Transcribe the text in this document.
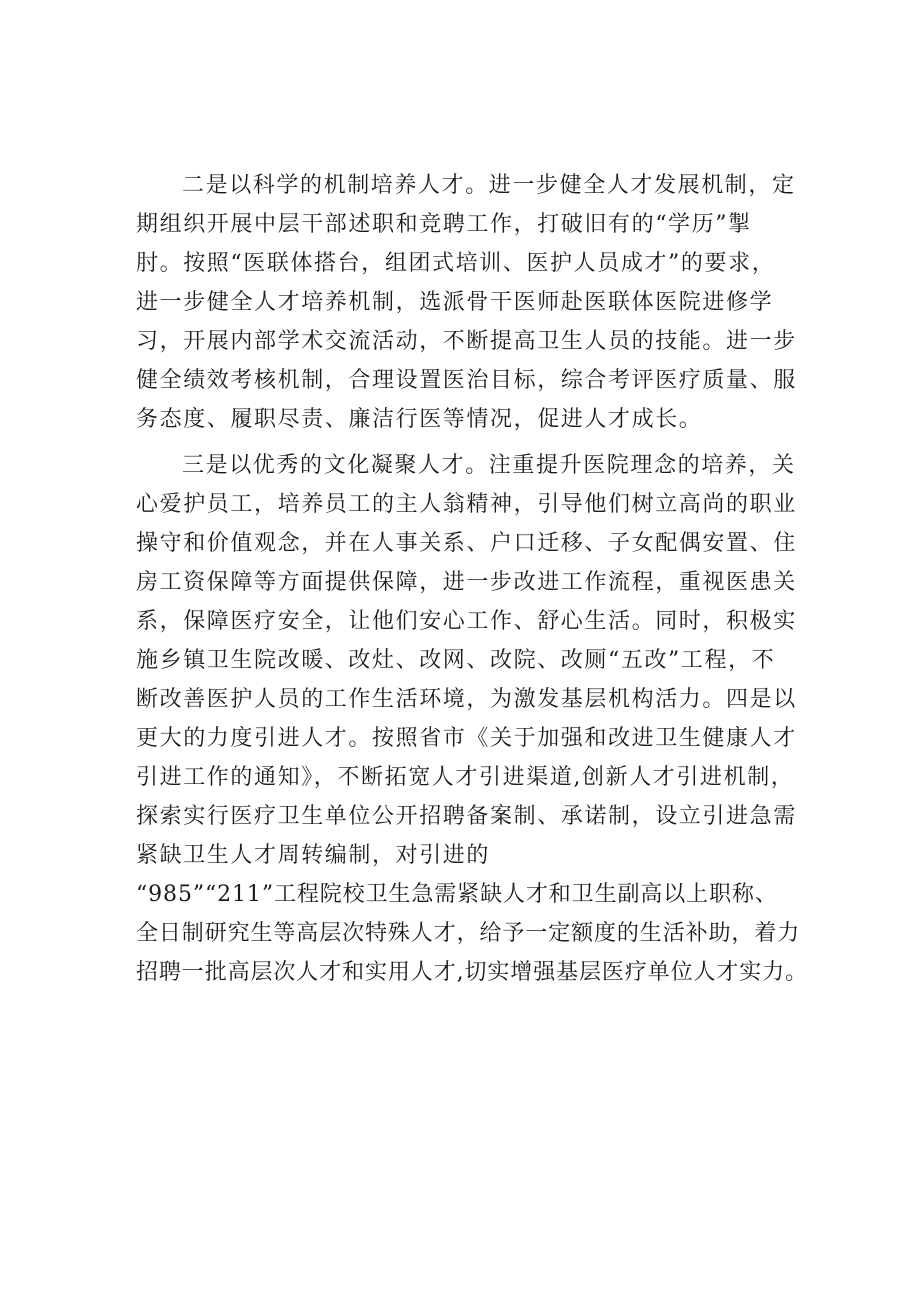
二是以科学的机制培养人才。进一步健全人才发展机制，定
期组织开展中层干部述职和竞聘工作，打破旧有的“学历”掣
肘。按照“医联体搭台，组团式培训、医护人员成才”的要求，
进一步健全人才培养机制，选派骨干医师赴医联体医院进修学
习，开展内部学术交流活动，不断提高卫生人员的技能。进一步
健全绩效考核机制，合理设置医治目标，综合考评医疗质量、服
务态度、履职尽责、廉洁行医等情况，促进人才成长。
三是以优秀的文化凝聚人才。注重提升医院理念的培养，关
心爱护员工，培养员工的主人翁精神，引导他们树立高尚的职业
操守和价值观念，并在人事关系、户口迁移、子女配偶安置、住
房工资保障等方面提供保障，进一步改进工作流程，重视医患关
系，保障医疗安全，让他们安心工作、舒心生活。同时，积极实
施乡镇卫生院改暖、改灶、改网、改院、改厕“五改”工程，不
断改善医护人员的工作生活环境，为激发基层机构活力。四是以
更大的力度引进人才。按照省市《关于加强和改进卫生健康人才
引进工作的通知》，不断拓宽人才引进渠道,创新人才引进机制，
探索实行医疗卫生单位公开招聘备案制、承诺制，设立引进急需
紧缺卫生人才周转编制，对引进的
“985”“211”工程院校卫生急需紧缺人才和卫生副高以上职称、
全日制研究生等高层次特殊人才，给予一定额度的生活补助，着力
招聘一批高层次人才和实用人才,切实增强基层医疗单位人才实力。
